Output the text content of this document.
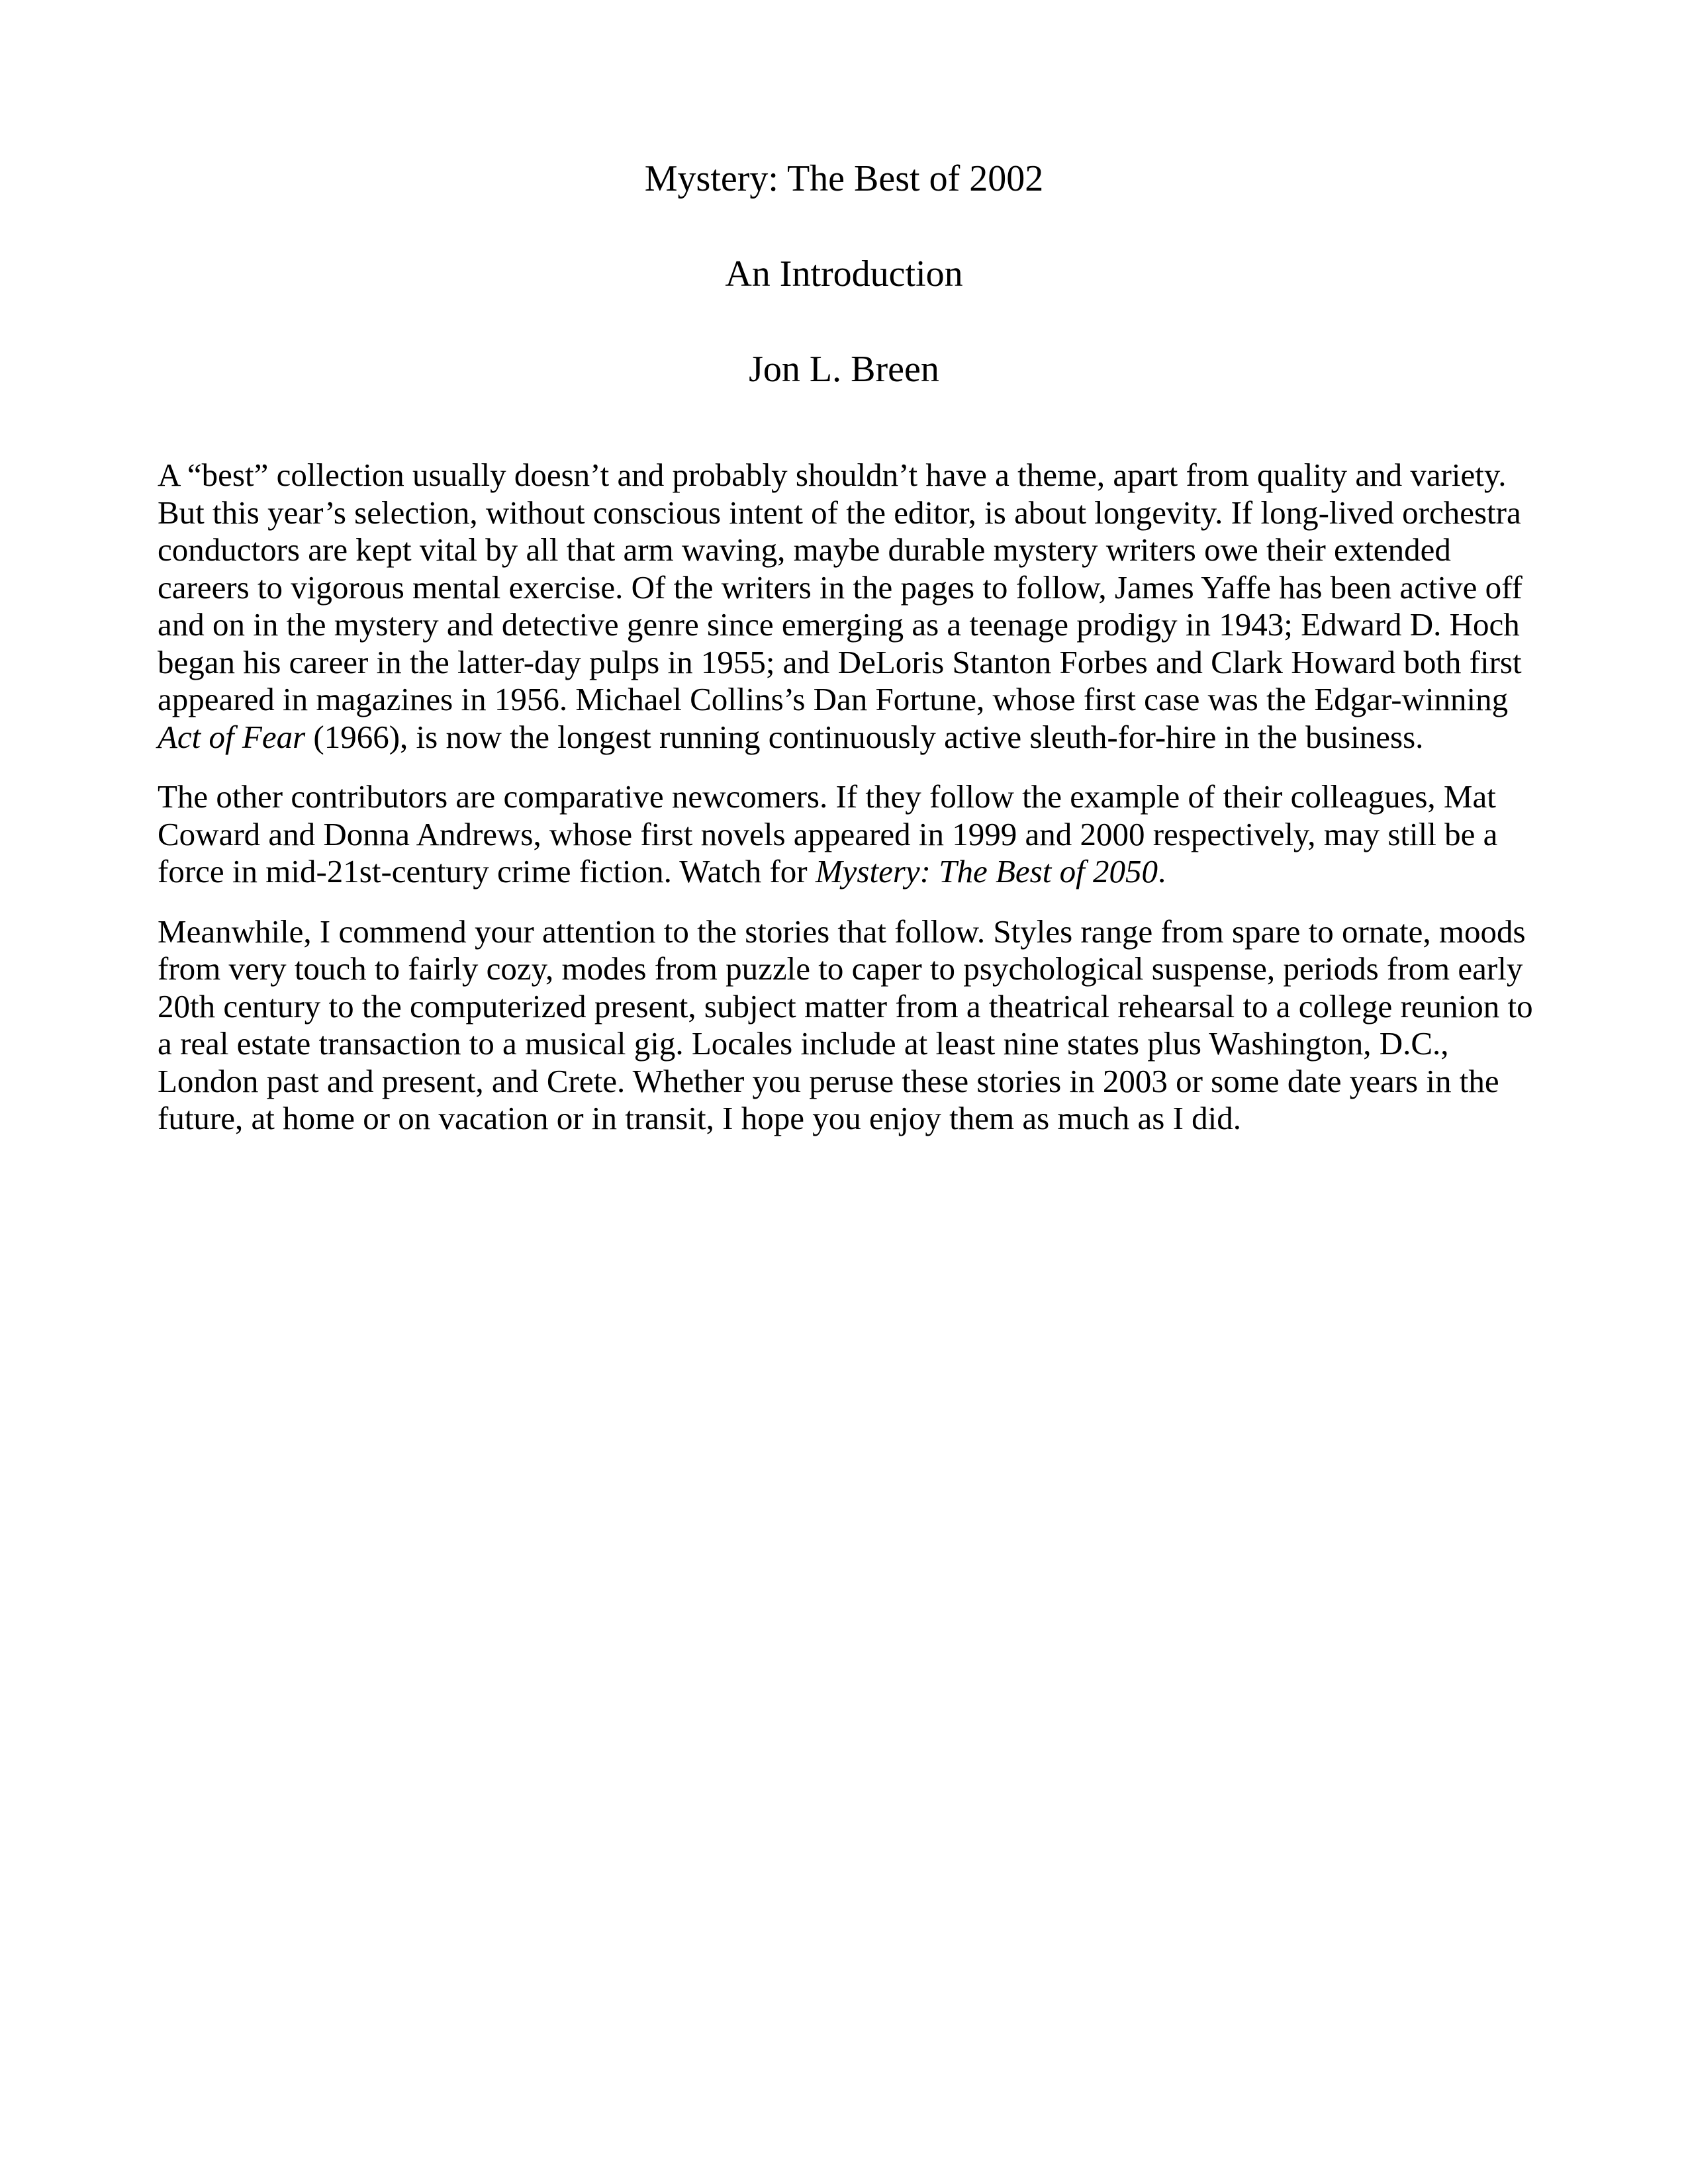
Mystery: The Best of 2002
An Introduction
Jon L. Breen

A “best” collection usually doesn’t and probably shouldn’t have a theme, apart from quality and variety. But this year’s selection, without conscious intent of the editor, is about longevity. If long-lived orchestra conductors are kept vital by all that arm waving, maybe durable mystery writers owe their extended careers to vigorous mental exercise. Of the writers in the pages to follow, James Yaffe has been active off and on in the mystery and detective genre since emerging as a teenage prodigy in 1943; Edward D. Hoch began his career in the latter-day pulps in 1955; and DeLoris Stanton Forbes and Clark Howard both first appeared in magazines in 1956. Michael Collins’s Dan Fortune, whose first case was the Edgar-winning Act of Fear (1966), is now the longest running continuously active sleuth-for-hire in the business.

The other contributors are comparative newcomers. If they follow the example of their colleagues, Mat Coward and Donna Andrews, whose first novels appeared in 1999 and 2000 respectively, may still be a force in mid-21st-century crime fiction. Watch for Mystery: The Best of 2050.

Meanwhile, I commend your attention to the stories that follow. Styles range from spare to ornate, moods from very touch to fairly cozy, modes from puzzle to caper to psychological suspense, periods from early 20th century to the computerized present, subject matter from a theatrical rehearsal to a college reunion to a real estate transaction to a musical gig. Locales include at least nine states plus Washington, D.C., London past and present, and Crete. Whether you peruse these stories in 2003 or some date years in the future, at home or on vacation or in transit, I hope you enjoy them as much as I did.
